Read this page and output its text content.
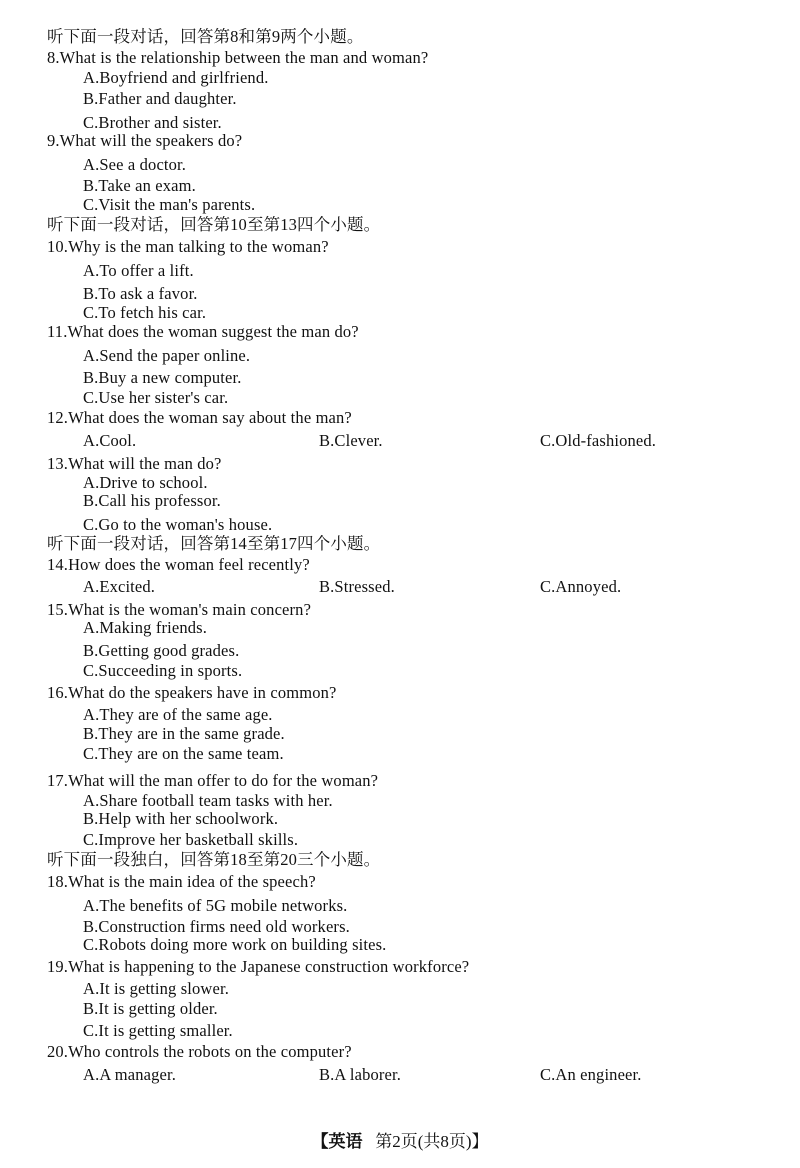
听下面一段对话，回答第8和第9两个小题。
8.What is the relationship between the man and woman?
A.Boyfriend and girlfriend.
B.Father and daughter.
C.Brother and sister.
9.What will the speakers do?
A.See a doctor.
B.Take an exam.
C.Visit the man's parents.
听下面一段对话，回答第10至第13四个小题。
10.Why is the man talking to the woman?
A.To offer a lift.
B.To ask a favor.
C.To fetch his car.
11.What does the woman suggest the man do?
A.Send the paper online.
B.Buy a new computer.
C.Use her sister's car.
12.What does the woman say about the man?
A.Cool.	B.Clever.	C.Old-fashioned.
13.What will the man do?
A.Drive to school.
B.Call his professor.
C.Go to the woman's house.
听下面一段对话，回答第14至第17四个小题。
14.How does the woman feel recently?
A.Excited.	B.Stressed.	C.Annoyed.
15.What is the woman's main concern?
A.Making friends.
B.Getting good grades.
C.Succeeding in sports.
16.What do the speakers have in common?
A.They are of the same age.
B.They are in the same grade.
C.They are on the same team.
17.What will the man offer to do for the woman?
A.Share football team tasks with her.
B.Help with her schoolwork.
C.Improve her basketball skills.
听下面一段独白，回答第18至第20三个小题。
18.What is the main idea of the speech?
A.The benefits of 5G mobile networks.
B.Construction firms need old workers.
C.Robots doing more work on building sites.
19.What is happening to the Japanese construction workforce?
A.It is getting slower.
B.It is getting older.
C.It is getting smaller.
20.Who controls the robots on the computer?
A.A manager.	B.A laborer.	C.An engineer.
【英语 第2页(共8页)】
